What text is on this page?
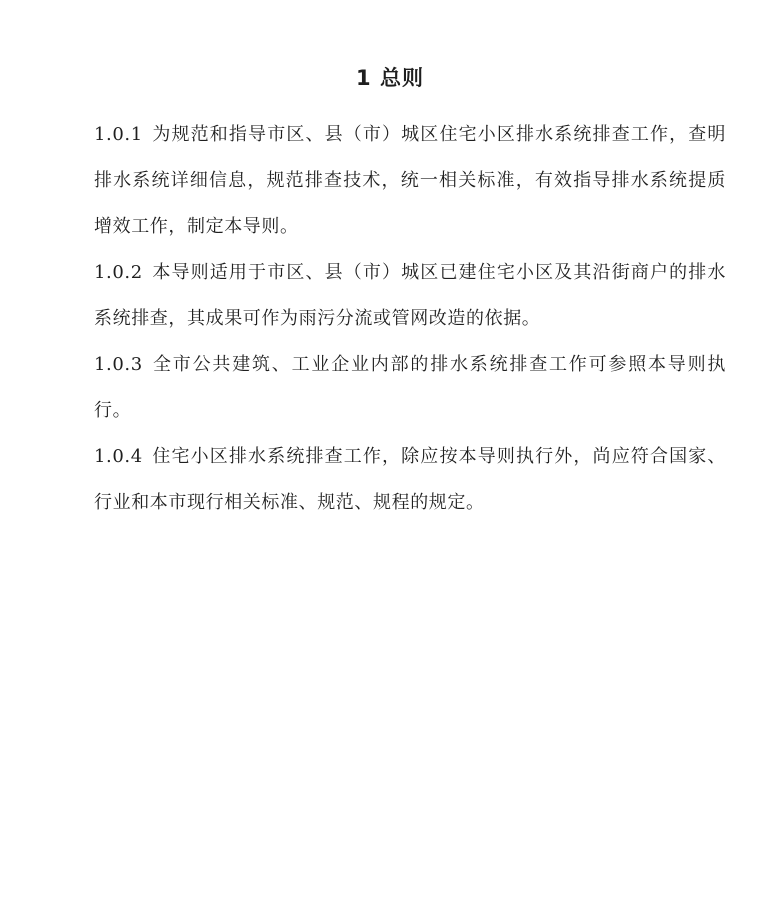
1 总则
1.0.1 为规范和指导市区、县（市）城区住宅小区排水系统排查工作，查明排水系统详细信息，规范排查技术，统一相关标准，有效指导排水系统提质增效工作，制定本导则。
1.0.2 本导则适用于市区、县（市）城区已建住宅小区及其沿街商户的排水系统排查，其成果可作为雨污分流或管网改造的依据。
1.0.3 全市公共建筑、工业企业内部的排水系统排查工作可参照本导则执行。
1.0.4 住宅小区排水系统排查工作，除应按本导则执行外，尚应符合国家、行业和本市现行相关标准、规范、规程的规定。
